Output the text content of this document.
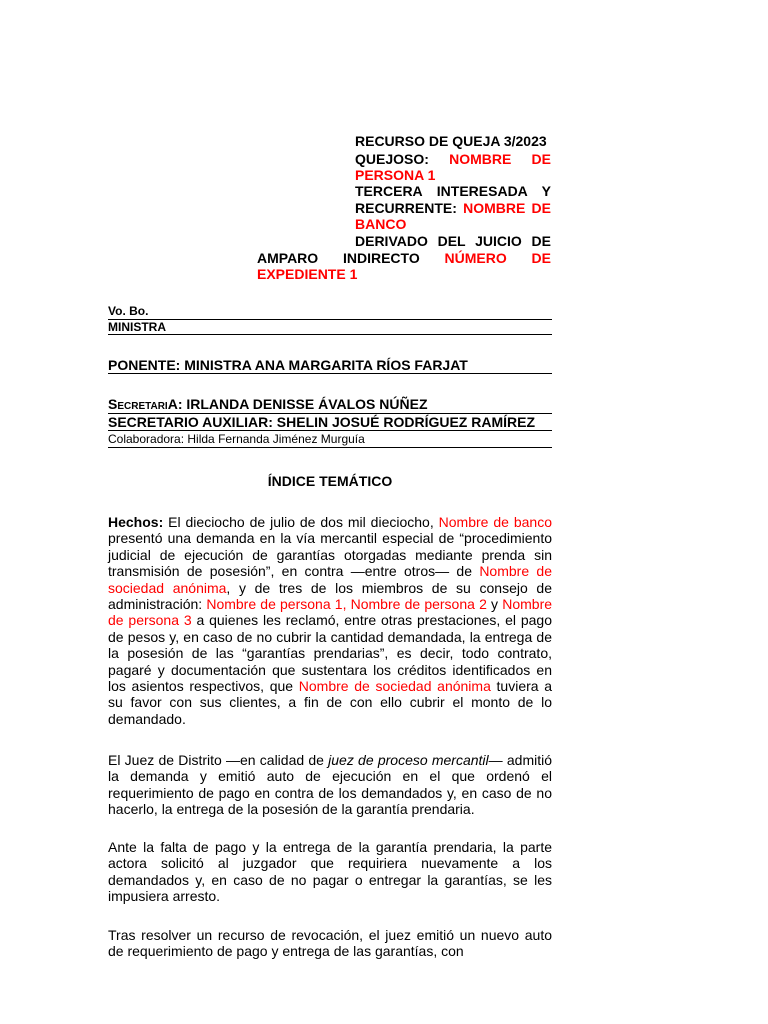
RECURSO DE QUEJA 3/2023
QUEJOSO: NOMBRE DE
PERSONA 1
TERCERA INTERESADA Y
RECURRENTE: NOMBRE DE
BANCO
DERIVADO DEL JUICIO DE
AMPARO INDIRECTO NÚMERO DE
EXPEDIENTE 1
Vo. Bo.
MINISTRA
PONENTE: MINISTRA ANA MARGARITA RÍOS FARJAT
SecretariA: IRLANDA DENISSE ÁVALOS NÚÑEZ
SECRETARIO AUXILIAR: SHELIN JOSUÉ RODRÍGUEZ RAMÍREZ
Colaboradora: Hilda Fernanda Jiménez Murguía
ÍNDICE TEMÁTICO
Hechos: El dieciocho de julio de dos mil dieciocho, Nombre de banco
presentó una demanda en la vía mercantil especial de “procedimiento
judicial de ejecución de garantías otorgadas mediante prenda sin
transmisión de posesión”, en contra —entre otros— de Nombre de
sociedad anónima, y de tres de los miembros de su consejo de
administración: Nombre de persona 1, Nombre de persona 2 y Nombre
de persona 3 a quienes les reclamó, entre otras prestaciones, el pago
de pesos y, en caso de no cubrir la cantidad demandada, la entrega de
la posesión de las “garantías prendarias”, es decir, todo contrato,
pagaré y documentación que sustentara los créditos identificados en
los asientos respectivos, que Nombre de sociedad anónima tuviera a
su favor con sus clientes, a fin de con ello cubrir el monto de lo
demandado.
El Juez de Distrito —en calidad de juez de proceso mercantil— admitió
la demanda y emitió auto de ejecución en el que ordenó el
requerimiento de pago en contra de los demandados y, en caso de no
hacerlo, la entrega de la posesión de la garantía prendaria.
Ante la falta de pago y la entrega de la garantía prendaria, la parte
actora solicitó al juzgador que requiriera nuevamente a los
demandados y, en caso de no pagar o entregar la garantías, se les
impusiera arresto.
Tras resolver un recurso de revocación, el juez emitió un nuevo auto
de requerimiento de pago y entrega de las garantías, con
